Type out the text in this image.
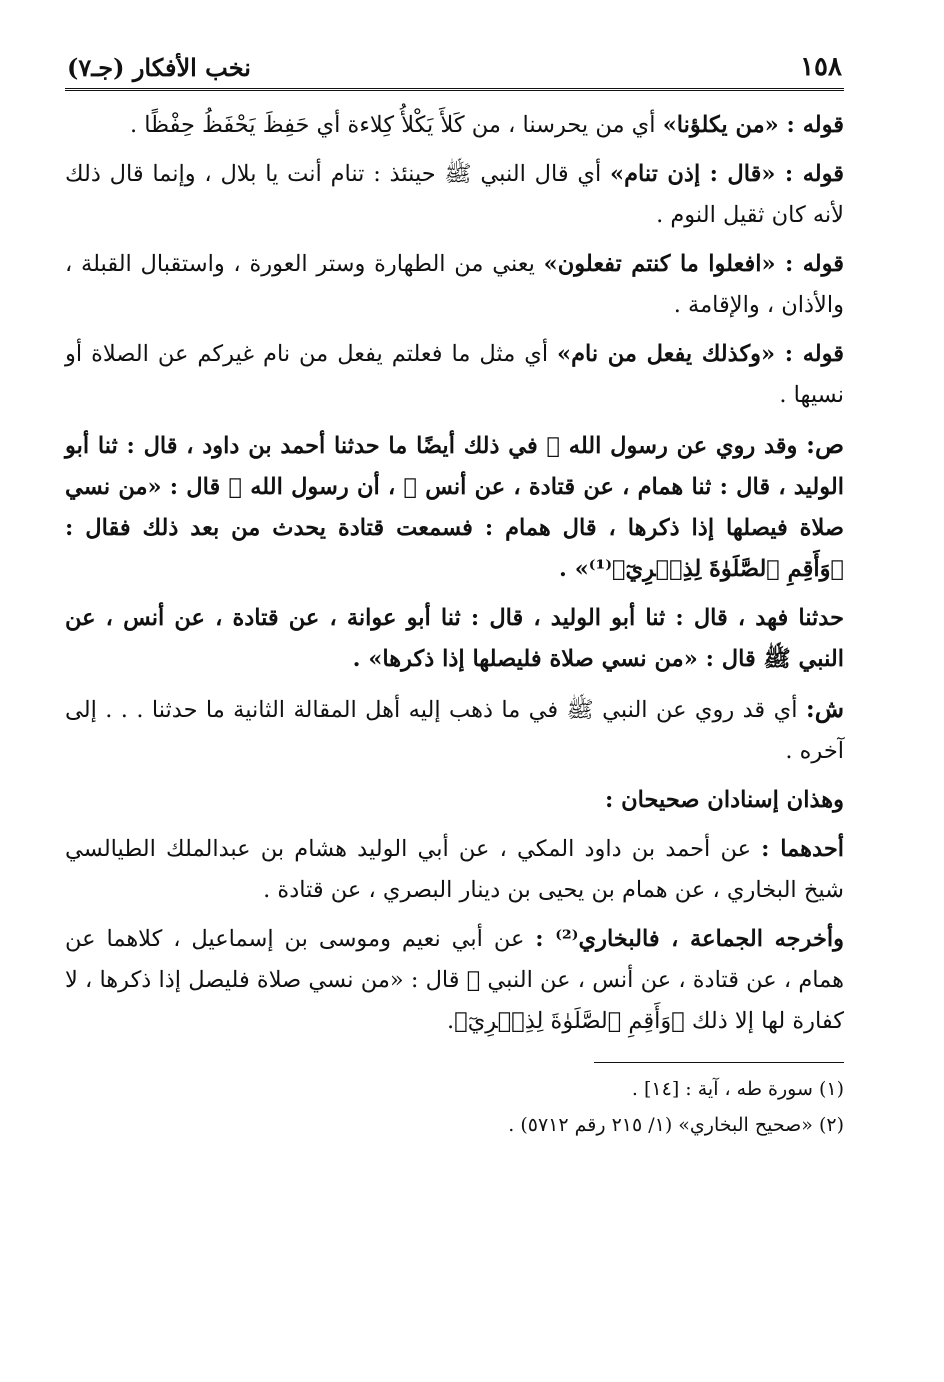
١٥٨
نخب الأفكار (جـ٧)

قوله : «من يكلؤنا» أي من يحرسنا ، من كَلأَ يَكْلأُ كِلاءة أي حَفِظَ يَحْفَظُ حِفْظًا .

قوله : «قال : إذن تنام» أي قال النبي ﷺ حينئذ : تنام أنت يا بلال ، وإنما قال ذلك لأنه كان ثقيل النوم .

قوله : «افعلوا ما كنتم تفعلون» يعني من الطهارة وستر العورة ، واستقبال القبلة ، والأذان ، والإقامة .

قوله : «وكذلك يفعل من نام» أي مثل ما فعلتم يفعل من نام غيركم عن الصلاة أو نسيها .

ص: وقد روي عن رسول الله ﷺ في ذلك أيضًا ما حدثنا أحمد بن داود ، قال : ثنا أبو الوليد ، قال : ثنا همام ، عن قتادة ، عن أنس ؓ ، أن رسول الله ﷺ قال : «من نسي صلاة فيصلها إذا ذكرها ، قال همام : فسمعت قتادة يحدث من بعد ذلك فقال : ﴿وَأَقِمِ ٱلصَّلَوٰةَ لِذِكۡرِيٓ﴾⁽¹⁾» .

حدثنا فهد ، قال : ثنا أبو الوليد ، قال : ثنا أبو عوانة ، عن قتادة ، عن أنس ، عن النبي ﷺ قال : «من نسي صلاة فليصلها إذا ذكرها» .

ش: أي قد روي عن النبي ﷺ في ما ذهب إليه أهل المقالة الثانية ما حدثنا . . . إلى آخره .

وهذان إسنادان صحيحان :

أحدهما : عن أحمد بن داود المكي ، عن أبي الوليد هشام بن عبدالملك الطيالسي شيخ البخاري ، عن همام بن يحيى بن دينار البصري ، عن قتادة .

وأخرجه الجماعة ، فالبخاري⁽²⁾ : عن أبي نعيم وموسى بن إسماعيل ، كلاهما عن همام ، عن قتادة ، عن أنس ، عن النبي ﷺ قال : «من نسي صلاة فليصل إذا ذكرها ، لا كفارة لها إلا ذلك ﴿وَأَقِمِ ٱلصَّلَوٰةَ لِذِكۡرِيٓ﴾.

(١) سورة طه ، آية : [١٤] .

(٢) «صحيح البخاري» (١/ ٢١٥ رقم ٥٧١٢) .
